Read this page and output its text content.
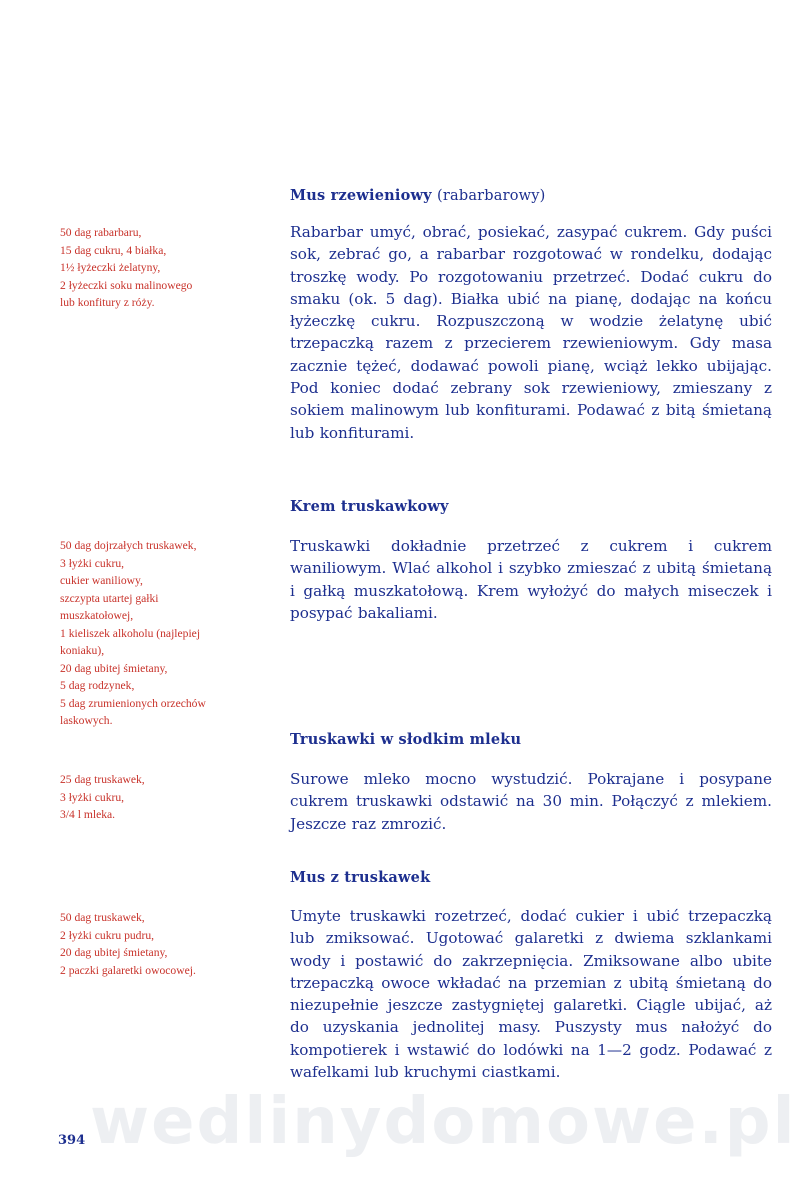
Mus rzewieniowy (rabarbarowy)
50 dag rabarbaru,
15 dag cukru, 4 białka,
1½ łyżeczki żelatyny,
2 łyżeczki soku malinowego
lub konfitury z róży.

Rabarbar umyć, obrać, posiekać, zasypać cukrem. Gdy puści sok, zebrać go, a rabarbar rozgotować w rondelku, dodając troszkę wody. Po rozgotowaniu przetrzeć. Dodać cukru do smaku (ok. 5 dag). Białka ubić na pianę, dodając na końcu łyżeczkę cukru. Rozpuszczoną w wodzie żelatynę ubić trzepaczką razem z przecierem rzewieniowym. Gdy masa zacznie tężeć, dodawać powoli pianę, wciąż lekko ubijając. Pod koniec dodać zebrany sok rzewieniowy, zmieszany z sokiem malinowym lub konfiturami. Podawać z bitą śmietaną lub konfiturami.

Krem truskawkowy
50 dag dojrzałych truskawek,
3 łyżki cukru,
cukier waniliowy,
szczypta utartej gałki
muszkatołowej,
1 kieliszek alkoholu (najlepiej
koniaku),
20 dag ubitej śmietany,
5 dag rodzynek,
5 dag zrumienionych orzechów
laskowych.

Truskawki dokładnie przetrzeć z cukrem i cukrem waniliowym. Wlać alkohol i szybko zmieszać z ubitą śmietaną i gałką muszkatołową. Krem wyłożyć do małych miseczek i posypać bakaliami.

Truskawki w słodkim mleku
25 dag truskawek,
3 łyżki cukru,
3/4 l mleka.

Surowe mleko mocno wystudzić. Pokrajane i posypane cukrem truskawki odstawić na 30 min. Połączyć z mlekiem. Jeszcze raz zmrozić.

Mus z truskawek
50 dag truskawek,
2 łyżki cukru pudru,
20 dag ubitej śmietany,
2 paczki galaretki owocowej.

Umyte truskawki rozetrzeć, dodać cukier i ubić trzepaczką lub zmiksować. Ugotować galaretki z dwiema szklankami wody i postawić do zakrzepnięcia. Zmiksowane albo ubite trzepaczką owoce wkładać na przemian z ubitą śmietaną do niezupełnie jeszcze zastygniętej galaretki. Ciągle ubijać, aż do uzyskania jednolitej masy. Puszysty mus nałożyć do kompotierek i wstawić do lodówki na 1—2 godz. Podawać z wafelkami lub kruchymi ciastkami.

wedlinydomowe.pl
394
